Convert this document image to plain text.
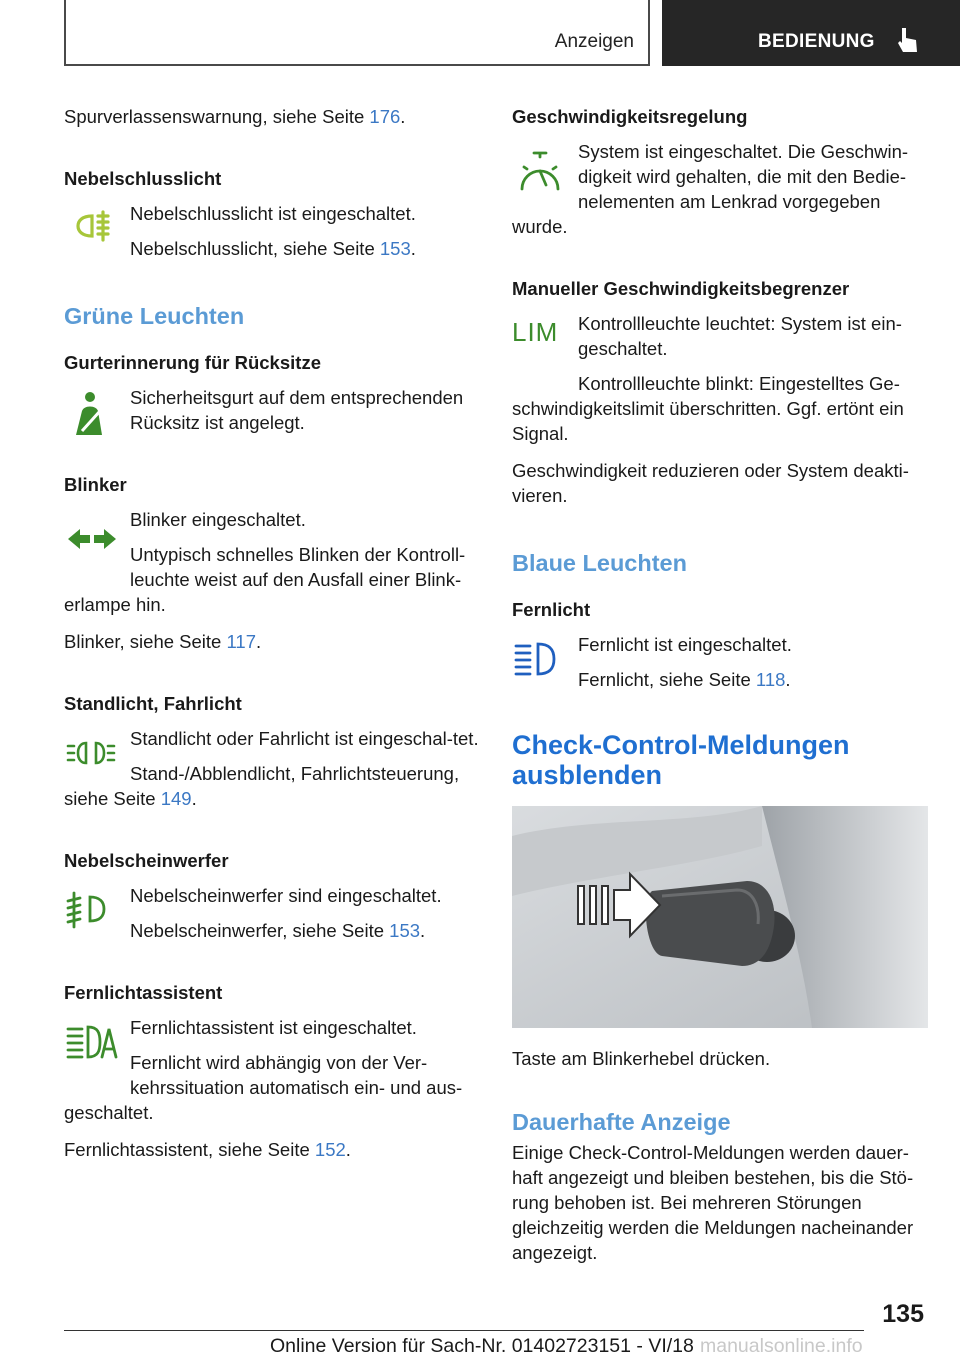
Anzeigen	BEDIENUNG
Spurverlassenswarnung, siehe Seite 176.
Nebelschlusslicht
Nebelschlusslicht ist eingeschaltet.
Nebelschlusslicht, siehe Seite 153.
Grüne Leuchten
Gurterinnerung für Rücksitze
Sicherheitsgurt auf dem entsprechenden Rücksitz ist angelegt.
Blinker
Blinker eingeschaltet.
Untypisch schnelles Blinken der Kontroll-leuchte weist auf den Ausfall einer Blink-
erlampe hin.
Blinker, siehe Seite 117.
Standlicht, Fahrlicht
Standlicht oder Fahrlicht ist eingeschal-tet.
Stand-/Abblendlicht, Fahrlichtsteuerung,
siehe Seite 149.
Nebelscheinwerfer
Nebelscheinwerfer sind eingeschaltet.
Nebelscheinwerfer, siehe Seite 153.
Fernlichtassistent
Fernlichtassistent ist eingeschaltet.
Fernlicht wird abhängig von der Ver-kehrssituation automatisch ein- und aus-
geschaltet.
Fernlichtassistent, siehe Seite 152.
Geschwindigkeitsregelung
System ist eingeschaltet. Die Geschwin-digkeit wird gehalten, die mit den Bedie-nelementen am Lenkrad vorgegeben
wurde.
Manueller Geschwindigkeitsbegrenzer
LIM	Kontrollleuchte leuchtet: System ist ein-geschaltet.
Kontrollleuchte blinkt: Eingestelltes Ge-
schwindigkeitslimit überschritten. Ggf. ertönt ein Signal.
Geschwindigkeit reduzieren oder System deakti-vieren.
Blaue Leuchten
Fernlicht
Fernlicht ist eingeschaltet.
Fernlicht, siehe Seite 118.
Check-Control-Meldungen ausblenden
Taste am Blinkerhebel drücken.
Dauerhafte Anzeige
Einige Check-Control-Meldungen werden dauer-haft angezeigt und bleiben bestehen, bis die Stö-rung behoben ist. Bei mehreren Störungen gleichzeitig werden die Meldungen nacheinander angezeigt.
135
Online Version für Sach-Nr. 01402723151 - VI/18 manualsonline.info
